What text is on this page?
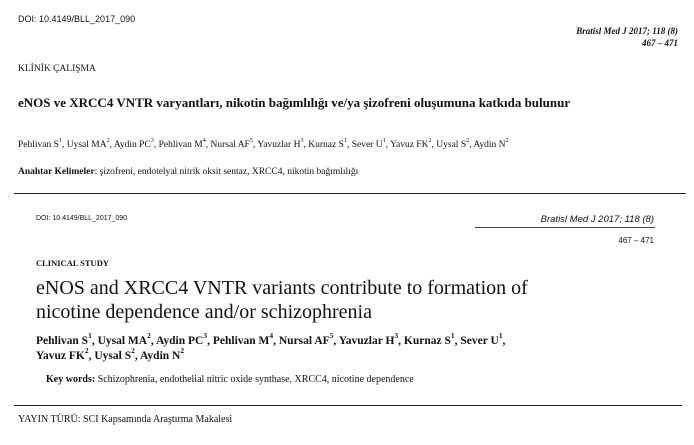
DOI: 10.4149/BLL_2017_090
Bratisl Med J 2017; 118 (8)
467 – 471
KLİNİK ÇALIŞMA
eNOS ve XRCC4 VNTR varyantları, nikotin bağımlılığı ve/ya şizofreni oluşumuna katkıda bulunur
Pehlivan $S^1$, Uysal $MA^2$, Aydin $PC^3$, Pehlivan $M^4$, Nursal $AF^5$, Yavuzlar $H^3$, Kurnaz $S^1$, Sever $U^1$, Yavuz $FK^2$, Uysal $S^2$, Aydin $N^2$
Anahtar Kelimeler: şizofreni, endotelyal nitrik oksit sentaz, XRCC4, nikotin bağımlılığı
DOI: 10.4149/BLL_2017_090	Bratisl Med J 2017; 118 (8)
467 – 471
CLINICAL STUDY
eNOS and XRCC4 VNTR variants contribute to formation of
nicotine dependence and/or schizophrenia
Pehlivan $S^1$, Uysal $MA^2$, Aydin $PC^3$, Pehlivan $M^4$, Nursal $AF^5$, Yavuzlar $H^3$, Kurnaz $S^1$, Sever $U^1$,
Yavuz $FK^2$, Uysal $S^2$, Aydin $N^2$
Key words: Schizophrenia, endothelial nitric oxide synthase, XRCC4, nicotine dependence
YAYIN TÜRÜ: SCI Kapsamında Araştırma Makalesi
